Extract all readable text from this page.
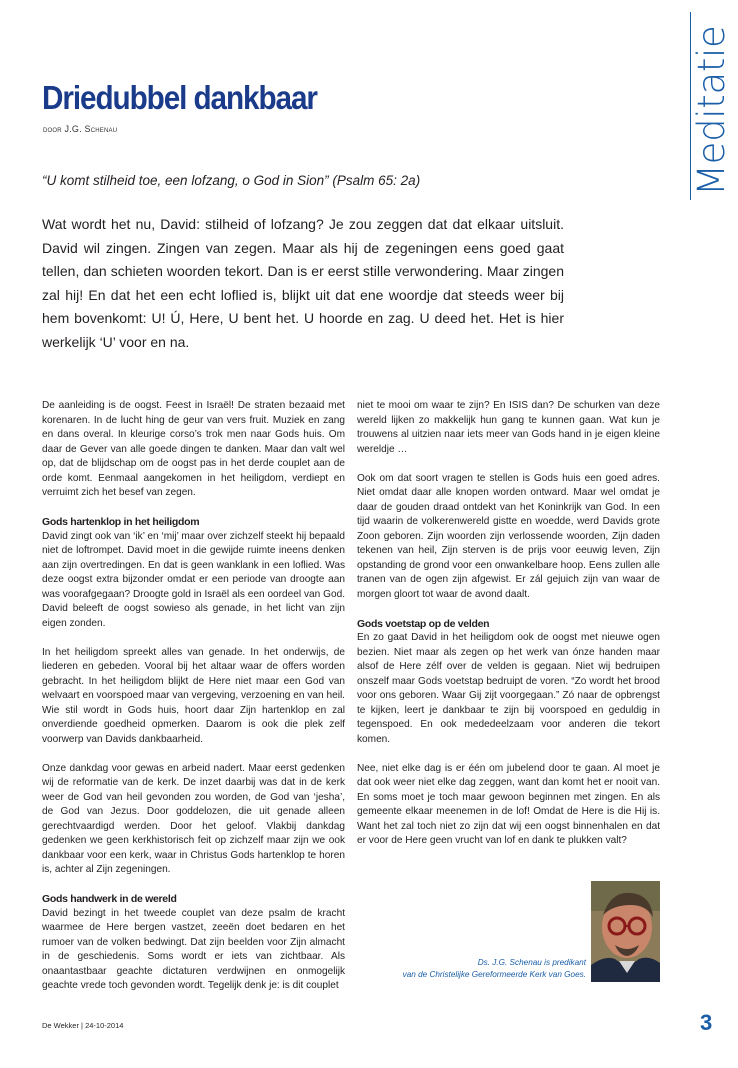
Meditatie
Driedubbel dankbaar
door J.G. Schenau
“U komt stilheid toe, een lofzang, o God in Sion” (Psalm 65: 2a)
Wat wordt het nu, David: stilheid of lofzang? Je zou zeggen dat dat elkaar uitsluit. David wil zingen. Zingen van zegen. Maar als hij de zegeningen eens goed gaat tellen, dan schieten woorden tekort. Dan is er eerst stille verwondering. Maar zingen zal hij! En dat het een echt loflied is, blijkt uit dat ene woordje dat steeds weer bij hem bovenkomt: U! Ú, Here, U bent het. U hoorde en zag. U deed het. Het is hier werkelijk ‘U’ voor en na.

De aanleiding is de oogst. Feest in Israël! De straten bezaaid met korenaren. In de lucht hing de geur van vers fruit. Muziek en zang en dans overal. In kleurige corso’s trok men naar Gods huis. Om daar de Gever van alle goede dingen te danken. Maar dan valt wel op, dat de blijdschap om de oogst pas in het derde couplet aan de orde komt. Eenmaal aangekomen in het heiligdom, verdiept en verruimt zich het besef van zegen.

Gods hartenklop in het heiligdom

David zingt ook van ‘ik’ en ‘mij’ maar over zichzelf steekt hij bepaald niet de loftrompet. David moet in die gewijde ruimte ineens denken aan zijn overtredingen. En dat is geen wanklank in een loflied. Was deze oogst extra bijzonder omdat er een periode van droogte aan was voorafgegaan? Droogte gold in Israël als een oordeel van God. David beleeft de oogst sowieso als genade, in het licht van zijn eigen zonden.

In het heiligdom spreekt alles van genade. In het onderwijs, de liederen en gebeden. Vooral bij het altaar waar de offers worden gebracht. In het heiligdom blijkt de Here niet maar een God van welvaart en voorspoed maar van vergeving, verzoening en van heil. Wie stil wordt in Gods huis, hoort daar Zijn hartenklop en zal onverdiende goedheid opmerken. Daarom is ook die plek zelf voorwerp van Davids dankbaarheid.

Onze dankdag voor gewas en arbeid nadert. Maar eerst gedenken wij de reformatie van de kerk. De inzet daarbij was dat in de kerk weer de God van heil gevonden zou worden, de God van ‘jesha’, de God van Jezus. Door goddelozen, die uit genade alleen gerechtvaardigd werden. Door het geloof. Vlakbij dankdag gedenken we geen kerkhistorisch feit op zichzelf maar zijn we ook dankbaar voor een kerk, waar in Christus Gods hartenklop te horen is, achter al Zijn zegeningen.

Gods handwerk in de wereld

David bezingt in het tweede couplet van deze psalm de kracht waarmee de Here bergen vastzet, zeeën doet bedaren en het rumoer van de volken bedwingt. Dat zijn beelden voor Zijn almacht in de geschiedenis. Soms wordt er iets van zichtbaar. Als onaantastbaar geachte dictaturen verdwijnen en onmogelijk geachte vrede toch gevonden wordt. Tegelijk denk je: is dit couplet

niet te mooi om waar te zijn? En ISIS dan? De schurken van deze wereld lijken zo makkelijk hun gang te kunnen gaan. Wat kun je trouwens al uitzien naar iets meer van Gods hand in je eigen kleine wereldje …

Ook om dat soort vragen te stellen is Gods huis een goed adres. Niet omdat daar alle knopen worden ontward. Maar wel omdat je daar de gouden draad ontdekt van het Koninkrijk van God. In een tijd waarin de volkerenwereld gistte en woedde, werd Davids grote Zoon geboren. Zijn woorden zijn verlossende woorden, Zijn daden tekenen van heil, Zijn sterven is de prijs voor eeuwig leven, Zijn opstanding de grond voor een onwankelbare hoop. Eens zullen alle tranen van de ogen zijn afgewist. Er zál gejuich zijn van waar de morgen gloort tot waar de avond daalt.

Gods voetstap op de velden

En zo gaat David in het heiligdom ook de oogst met nieuwe ogen bezien. Niet maar als zegen op het werk van ónze handen maar alsof de Here zélf over de velden is gegaan. Niet wij bedruipen onszelf maar Gods voetstap bedruipt de voren. “Zo wordt het brood voor ons geboren. Waar Gij zijt voorgegaan.” Zó naar de opbrengst te kijken, leert je dankbaar te zijn bij voorspoed en geduldig in tegenspoed. En ook mededeelzaam voor anderen die tekort komen.

Nee, niet elke dag is er één om jubelend door te gaan. Al moet je dat ook weer niet elke dag zeggen, want dan komt het er nooit van. En soms moet je toch maar gewoon beginnen met zingen. En als gemeente elkaar meenemen in de lof! Omdat de Here is die Hij is. Want het zal toch niet zo zijn dat wij een oogst binnenhalen en dat er voor de Here geen vrucht van lof en dank te plukken valt?

Ds. J.G. Schenau is predikant
van de Christelijke Gereformeerde Kerk van Goes.
De Wekker | 24-10-2014	3
